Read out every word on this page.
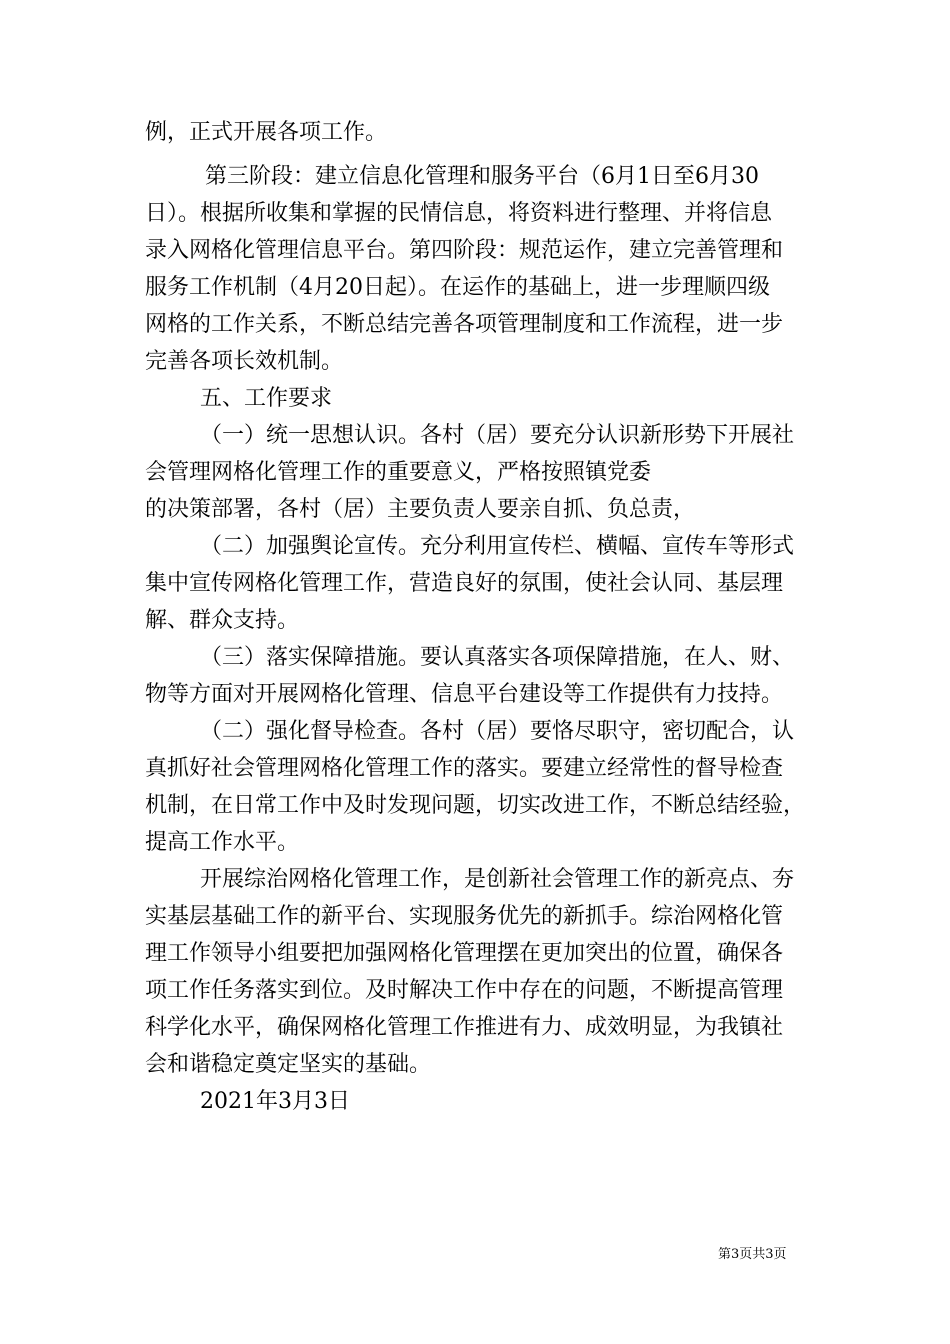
例，正式开展各项工作。
第三阶段：建立信息化管理和服务平台（6月1日至6月30
日）。根据所收集和掌握的民情信息，将资料进行整理、并将信息
录入网格化管理信息平台。第四阶段：规范运作，建立完善管理和
服务工作机制（4月20日起）。在运作的基础上，进一步理顺四级
网格的工作关系，不断总结完善各项管理制度和工作流程，进一步
完善各项长效机制。
五、工作要求
（一）统一思想认识。各村（居）要充分认识新形势下开展社
会管理网格化管理工作的重要意义，严格按照镇党委
的决策部署，各村（居）主要负责人要亲自抓、负总责，
（二）加强舆论宣传。充分利用宣传栏、横幅、宣传车等形式
集中宣传网格化管理工作，营造良好的氛围，使社会认同、基层理
解、群众支持。
（三）落实保障措施。要认真落实各项保障措施，在人、财、
物等方面对开展网格化管理、信息平台建设等工作提供有力技持。
（二）强化督导检查。各村（居）要恪尽职守，密切配合，认
真抓好社会管理网格化管理工作的落实。要建立经常性的督导检查
机制，在日常工作中及时发现问题，切实改进工作，不断总结经验，
提高工作水平。
开展综治网格化管理工作，是创新社会管理工作的新亮点、夯
实基层基础工作的新平台、实现服务优先的新抓手。综治网格化管
理工作领导小组要把加强网格化管理摆在更加突出的位置，确保各
项工作任务落实到位。及时解决工作中存在的问题，不断提高管理
科学化水平，确保网格化管理工作推进有力、成效明显，为我镇社
会和谐稳定奠定坚实的基础。
2021年3月3日
第3页共3页
